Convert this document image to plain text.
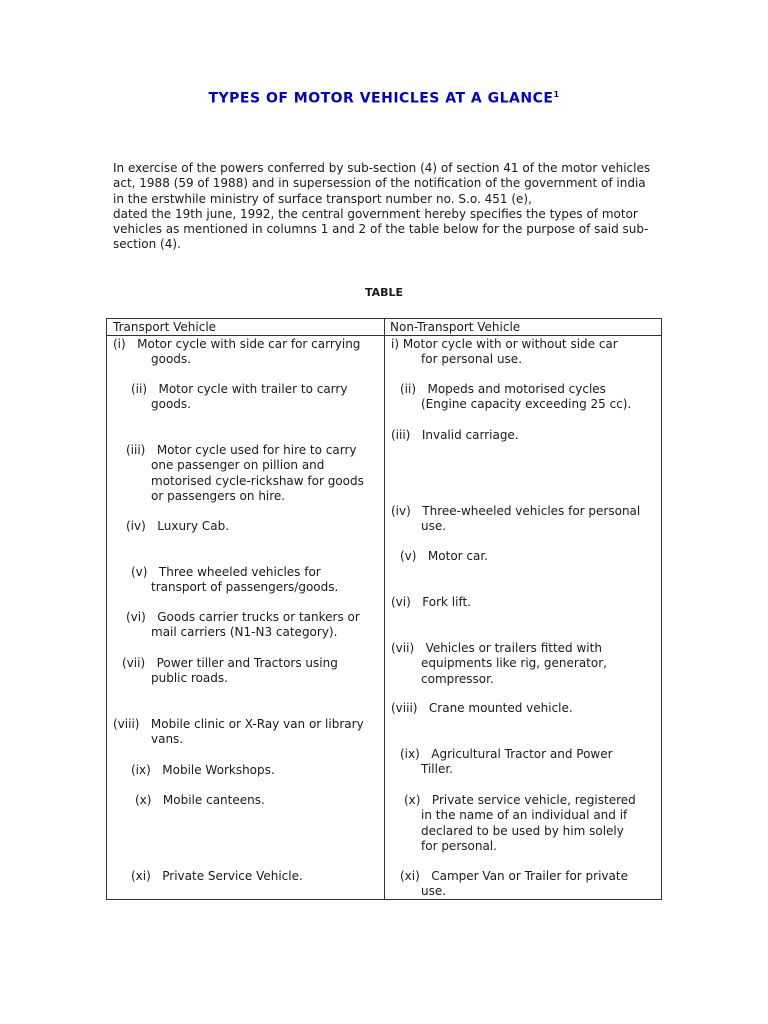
TYPES OF MOTOR VEHICLES AT A GLANCE$^1$

In exercise of the powers conferred by sub-section (4) of section 41 of the motor vehicles act, 1988 (59 of 1988) and in supersession of the notification of the government of india in the erstwhile ministry of surface transport number no. S.o. 451 (e),

dated the 19th june, 1992, the central government hereby specifies the types of motor vehicles as mentioned in columns 1 and 2 of the table below for the purpose of said sub-section (4).

TABLE
Transport Vehicle	Non-Transport Vehicle
(i)   Motor cycle with side car for carrying
goods.
(ii)   Motor cycle with trailer to carry
goods.
(iii)   Motor cycle used for hire to carry
one passenger on pillion and
motorised cycle-rickshaw for goods
or passengers on hire.
(iv)   Luxury Cab.
(v)   Three wheeled vehicles for
transport of passengers/goods.
(vi)   Goods carrier trucks or tankers or
mail carriers (N1-N3 category).
(vii)   Power tiller and Tractors using
public roads.
(viii)   Mobile clinic or X-Ray van or library
vans.
(ix)   Mobile Workshops.
(x)   Mobile canteens.
(xi)   Private Service Vehicle.
i) Motor cycle with or without side car
for personal use.
(ii)   Mopeds and motorised cycles
(Engine capacity exceeding 25 cc).
(iii)   Invalid carriage.
(iv)   Three-wheeled vehicles for personal
use.
(v)   Motor car.
(vi)   Fork lift.
(vii)   Vehicles or trailers fitted with
equipments like rig, generator,
compressor.
(viii)   Crane mounted vehicle.
(ix)   Agricultural Tractor and Power
Tiller.
(x)   Private service vehicle, registered
in the name of an individual and if
declared to be used by him solely
for personal.
(xi)   Camper Van or Trailer for private
use.
